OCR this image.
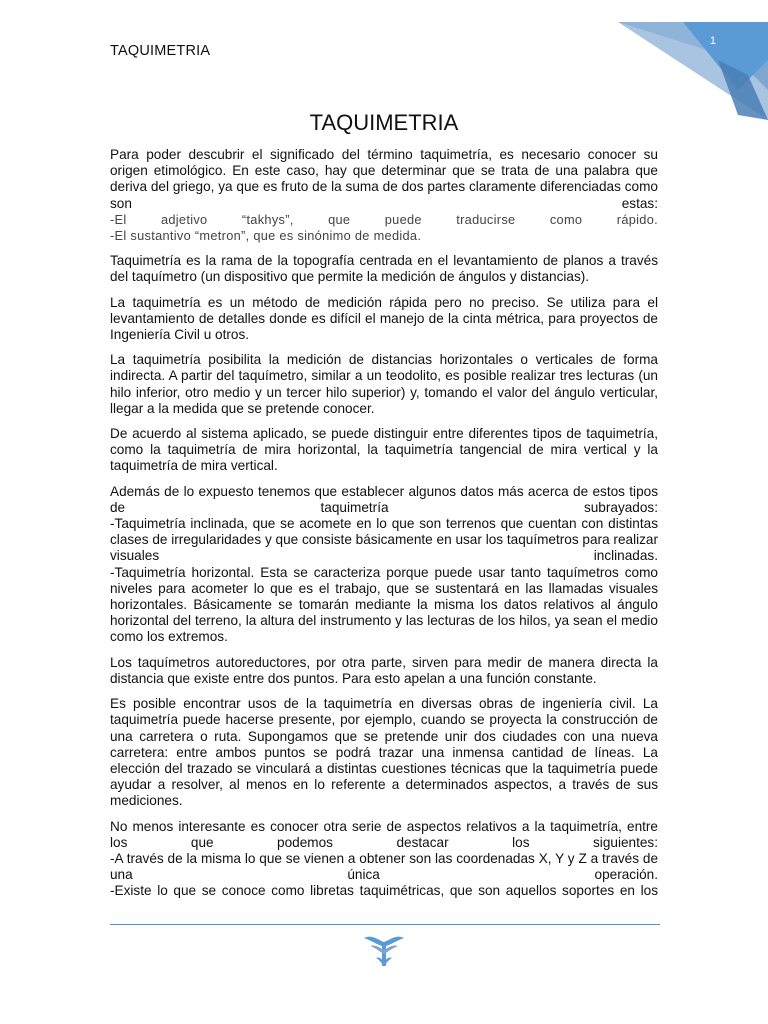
TAQUIMETRIA
1
TAQUIMETRIA

Para poder descubrir el significado del término taquimetría, es necesario conocer su origen etimológico. En este caso, hay que determinar que se trata de una palabra que deriva del griego, ya que es fruto de la suma de dos partes claramente diferenciadas como son estas:
-El adjetivo “takhys”, que puede traducirse como rápido.
-El sustantivo “metron”, que es sinónimo de medida.

Taquimetría es la rama de la topografía centrada en el levantamiento de planos a través del taquímetro (un dispositivo que permite la medición de ángulos y distancias).

La taquimetría es un método de medición rápida pero no preciso. Se utiliza para el levantamiento de detalles donde es difícil el manejo de la cinta métrica, para proyectos de Ingeniería Civil u otros.

La taquimetría posibilita la medición de distancias horizontales o verticales de forma indirecta. A partir del taquímetro, similar a un teodolito, es posible realizar tres lecturas (un hilo inferior, otro medio y un tercer hilo superior) y, tomando el valor del ángulo verticular, llegar a la medida que se pretende conocer.

De acuerdo al sistema aplicado, se puede distinguir entre diferentes tipos de taquimetría, como la taquimetría de mira horizontal, la taquimetría tangencial de mira vertical y la taquimetría de mira vertical.

Además de lo expuesto tenemos que establecer algunos datos más acerca de estos tipos de taquimetría subrayados:
-Taquimetría inclinada, que se acomete en lo que son terrenos que cuentan con distintas clases de irregularidades y que consiste básicamente en usar los taquímetros para realizar visuales inclinadas.
-Taquimetría horizontal. Esta se caracteriza porque puede usar tanto taquímetros como niveles para acometer lo que es el trabajo, que se sustentará en las llamadas visuales horizontales. Básicamente se tomarán mediante la misma los datos relativos al ángulo horizontal del terreno, la altura del instrumento y las lecturas de los hilos, ya sean el medio como los extremos.

Los taquímetros autoreductores, por otra parte, sirven para medir de manera directa la distancia que existe entre dos puntos. Para esto apelan a una función constante.

Es posible encontrar usos de la taquimetría en diversas obras de ingeniería civil. La taquimetría puede hacerse presente, por ejemplo, cuando se proyecta la construcción de una carretera o ruta. Supongamos que se pretende unir dos ciudades con una nueva carretera: entre ambos puntos se podrá trazar una inmensa cantidad de líneas. La elección del trazado se vinculará a distintas cuestiones técnicas que la taquimetría puede ayudar a resolver, al menos en lo referente a determinados aspectos, a través de sus mediciones.

No menos interesante es conocer otra serie de aspectos relativos a la taquimetría, entre los que podemos destacar los siguientes:
-A través de la misma lo que se vienen a obtener son las coordenadas X, Y y Z a través de una única operación.
-Existe lo que se conoce como libretas taquimétricas, que son aquellos soportes en los
